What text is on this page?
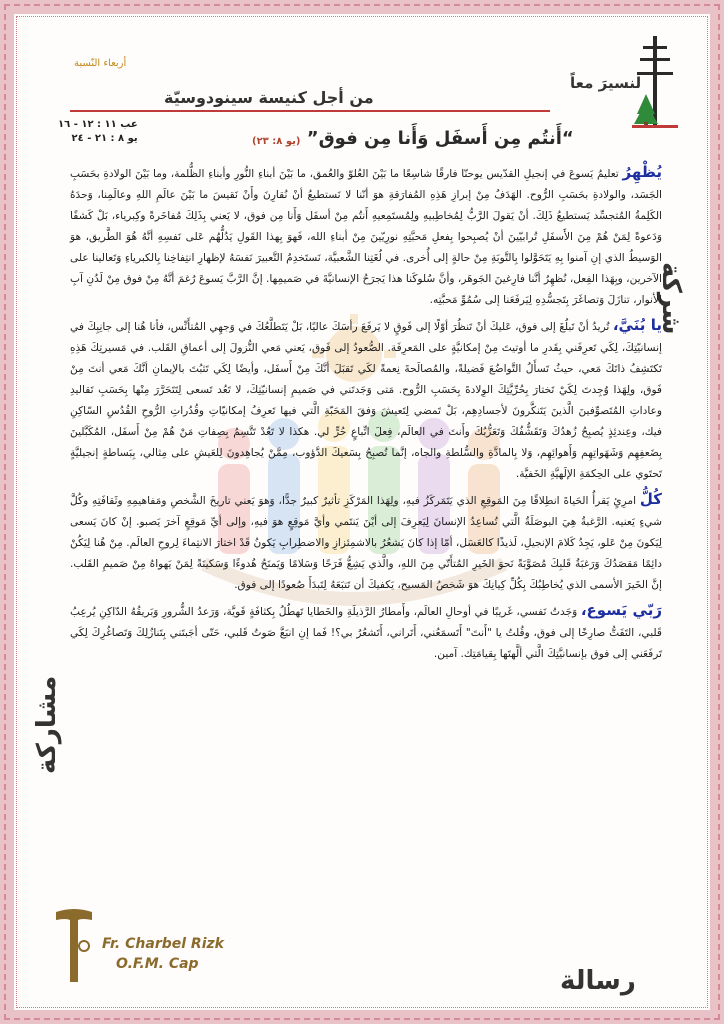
لنسيرَ معاً
من أجل كنيسة سينودوسيّة
أربعاء النّسبة
عب ١١ : ١٢ - ١٦
يو ٨ : ٢١ - ٢٤	“أَنتُم مِن أَسفَل وَأَنا مِن فوق” (يو ٨: ٢٣)
شركة
مشاركة
رسالة

يُظْهِرُ تعليمُ يَسوعَ في إنجيلِ القدّيس يوحنّا فارقًا شاسِعًا ما بَيْنَ العُلوّ والعُمق، ما بَيْنَ أبناءِ النُّورِ وأبناءِ الظُّلمة، وما بَيْنَ الولادةِ بحَسَبِ الجَسَد، والولادةِ بحَسَبِ الرُّوح. الهَدَفُ مِنْ إبرازِ هَذِهِ المُفارَقةِ هوَ أنّنا لا نَستطيعُ أنْ نُقارِنَ وأَنْ نَقيسَ ما بَيْنَ عالَمِ اللهِ وعالَمِنا، وَحدَهُ الكَلِمةُ المُتجسِّد يَستطيعُ ذَلِكَ. أنْ يَقولَ الرَّبُّ لِمُخاطِبيهِ ولِمُستَمِعيهِ أَنتُم مِنْ أسفَل وَأَنا مِن فوق، لا يَعني بِذَلِكَ مُفاخَرةً وكِبرياء، بَلْ كَشفًا وَدَعوةً لِمَنْ هُمْ مِنَ الأَسفَلِ تُرابيّينَ أنْ يُصبِحوا بِفعلِ مَحبَّتِهِ نورِيّينَ مِنْ أبناءِ الله، فَهوَ بِهذا القَولِ يَدُلُّهُم عَلى نَفسِهِ أنَّهُ هُوَ الطَّريق، هوَ الوَسيطُ الذي إنِ آمنوا بِهِ يَتَحَوَّلوا بِالتَّوبَةِ مِنْ حالةٍ إلى أُخرى. في لُغَتِنا الشَّعبيَّة، نَستَخدِمُ التَّعبيرَ نَفسَهُ لإظهارِ انتِفاخِنا بِالكبرياءِ وَتَعالينا على الآخرين، وبِهَذا الفِعل، نُظهِرُ أنَّنا فارِغينَ الجَوهَر، وأنَّ سُلوكَنا هذا يَجرَحُ الإنسانيَّةَ في صَميمِها. إنَّ الرَّبَّ يَسوعَ رُغمَ أنَّهُ مِنْ فوق مِنْ لَدُنِ آبِ الأنوار، تنازَلَ وَتصاغَرَ بِتَجسُّدِهِ لِيَرفَعَنا إلى سُمُوِّ مَحبَّتِه.

يا بُنَيَّ، تُريدُ أنْ تَبلُغَ إلى فوق، عَليكَ أنْ تَنظُرَ أوّلًا إلى فَوقٍ لا يَرفَعَ رأسَكَ عاليًا، بَلْ يَتَطلَّعُكَ في وَجهِي المُتأَنِّس، فأنا هُنا إلى جانِبِكَ في إنسانيّتِكَ، لِكَي تَعرِفَني بِقَدرِ ما أوتيتَ مِنْ إمكانيَّةٍ على المَعرِفَة. الصُّعودُ إلى فَوق، يَعني مَعي النُّزولَ إلى أعماقِ القَلب. في مَسيرتِكَ هَذِهِ تَكتَشِفُ ذاتَكَ مَعي، حيثُ تَسأَلُ التَّواضُعَ فَضيلةً، والمُصالَحةَ نِعمةً لكَي تَقبَلَ أنَّكَ مِنْ أَسفَل، وأيضًا لِكَي تَثبُتَ بالإيمانِ أنَّكَ مَعي أنتَ مِنْ فَوق، ولِهَذا وُجِدتَ لِكَيْ تَختارَ بِحُرِّيَّتِكَ الوِلادةَ بِحَسَبِ الرُّوح. مَتى وَجَدتَني في صَميمِ إنسانيّتِكَ، لا تَعُد تَسعى لِتَتَحَرَّرَ مِنْها بِحَسَبِ تَقاليدِ وعاداتِ المُتَصوِّفينَ الَّذينَ يَتَنكَّرونَ لأجسادِهِم، بَلْ تَمضي لِتَعيشَ وَفقَ المَحَبّةِ الَّتي فيها تَعرِفُ إمكانيّاتِ وقُدُراتِ الرُّوحِ القُدُسِ السّاكِنِ فيك، وعِندئِذٍ يُصبِحُ زُهدُكَ وَتَقَشُّفُكَ وَتَعَزُّبُكَ وأَنتَ في العالَم، فِعلَ اتِّباعٍ حُرٍّ لي. هكذا لا تَعُدْ تَتَّسِمُ بِصِفاتِ مَنْ هُمْ مِنْ أَسفَل، المُكَبَّلينَ بِضَعفِهِم وَشَهَواتِهِم وَأَهوائِهِم، وَلا بِالمادَّةِ والسُّلطةِ والجاه، إنَّما تُصبِحُ بِسَعيكَ الدَّؤوب، مِمَّنْ يُجاهِدونَ لِلعَيشِ على مِثالي، بِبَساطةٍ إنجيليَّةٍ تَحتَوي على الحِكمَةِ الإلَهيَّةِ الخَفيَّة.

كُلُّ امرِئٍ يَقرأُ الحَياةَ انطِلاقًا مِنَ المَوقِعِ الذي يَتَمَركَزُ فيهِ، ولِهَذا المَرْكَزِ تأثيرٌ كبيرٌ جدًّا، وَهوَ يَعني تاريخَ الشَّخصِ ومَفاهيمِهِ وثَقافَتِهِ وكُلَّ شيءٍ يَعنيه. الرَّغبةُ هِيَ البوصَلَةُ الَّتي تُساعِدُ الإنسانَ لِيَعرِفَ إلى أيْنَ يَنتَمي وأيَّ مَوقِعٍ هوَ فيهِ، وإلى أيِّ مَوقِعٍ آخرَ يَصبو. إنْ كانَ يَسعى لِيَكونَ مِنْ عَلو، يَجِدُ كَلامَ الإنجيلِ، لَذيذًا كالعَسَل، أمّا إذا كانَ يَشعُرُ بالاشمِئزازِ والاضطِرابِ يَكونُ قَدْ اختارَ الانتِماءَ لِروحِ العالَم. مِنْ هُنا لِيَكُنْ دائِمًا مَقصَدُكَ وَرَغبَةُ قَلبِكَ مُصَوَّبَةً نَحوَ الخَيرِ المُتأَتّي مِنَ اللهِ، والَّذي يَشِعُّ فَرَحًا وَسَلامًا وَيَمنَحُ هُدوءًا وَسَكينَةً لِمَنْ يَهواهُ مِنْ صَميمِ القَلب. إنَّ الخَيرَ الأسمى الذي يُخاطِبُكَ بِكُلِّ كِيانِكَ هوَ شَخصُ المَسيح، يَكفيكَ أن تَتبَعَهُ لِتَبدَأَ صُعودًا إلى فوق.

رَبّي يَسوع، وَجَدتُ نَفسي، غَريبًا في أوحالِ العالَم، وأَمطارُ الرَّذيلَةِ والخَطايا تَهطُلُ بِكثافَةٍ قَويَّة، وَرَعدُ الشُّرورِ وَبَريقُهُ الدّاكِنِ يُرعِبُ قَلبي، التَفَتُّ صارِخًا إلى فوق، وقُلتُ يا "أَنتَ" أَتَسمَعُني، أَتَراني، أَتَشعُرُ بي؟! فَما إنِ انبَعَّ صَوتُ قَلبي، حَتّى أجَبتَني بِتَنازُلِكَ وَتَصاغُرِكَ لِكَي تَرفَعَني إلى فوق بإنسانيَّتِكَ الَّتي ألَّهتَها بِقيامَتِك. آمين.

Fr. Charbel Rizk
O.F.M. Cap
